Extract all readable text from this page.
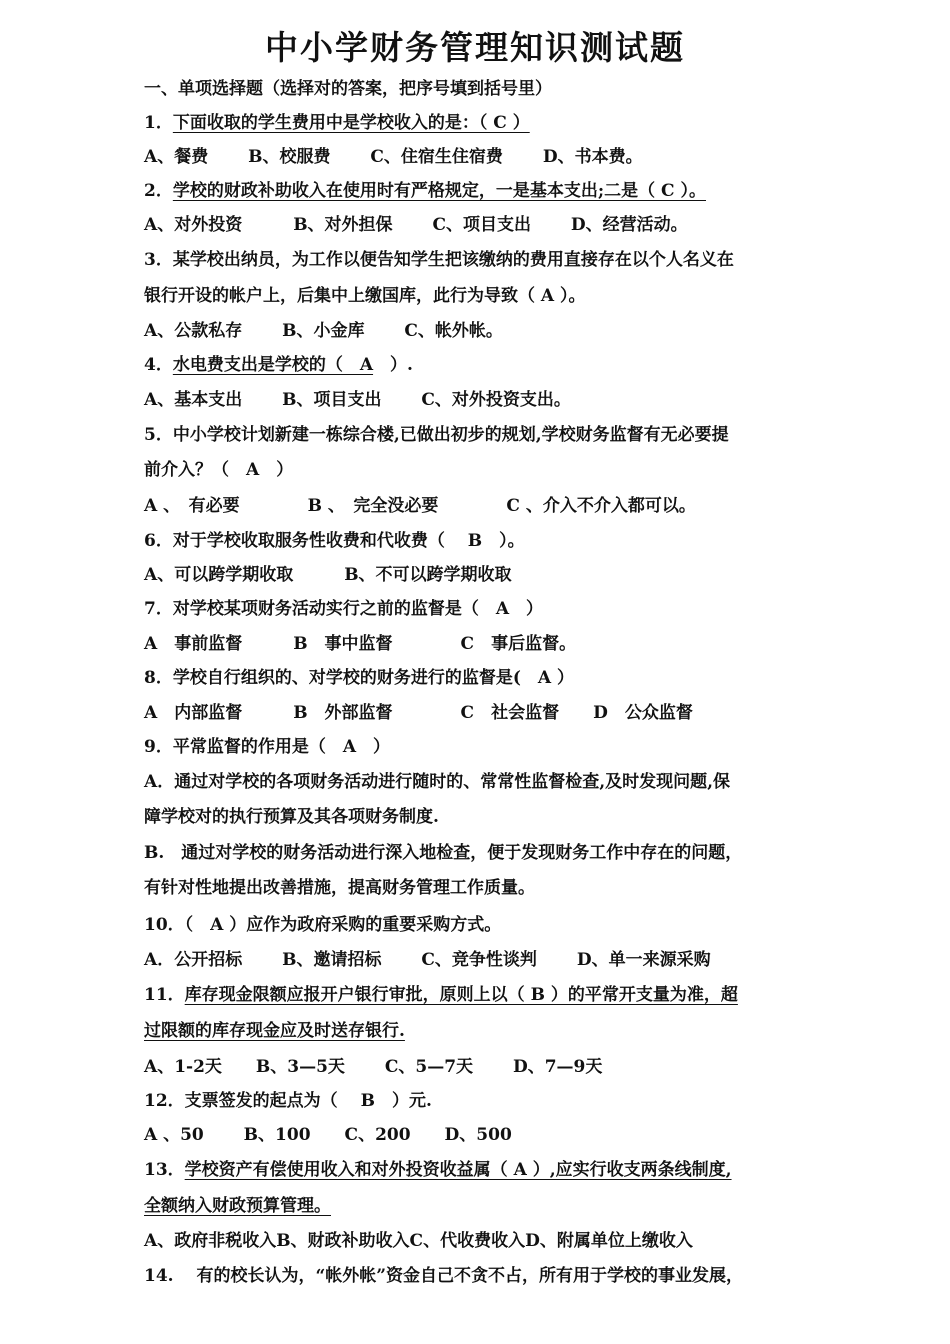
中小学财务管理知识测试题
一、单项选择题（选择对的答案，把序号填到括号里）
1．下面收取的学生费用中是学校收入的是：（ C ）
A、餐费　　 B、校服费　　 C、住宿生住宿费　　 D、书本费。
2．学校的财政补助收入在使用时有严格规定，一是基本支出;二是（ C ）。
A、对外投资　　　B、对外担保　　 C、项目支出　　 D、经营活动。
3．某学校出纳员，为工作以便告知学生把该缴纳的费用直接存在以个人名义在
银行开设的帐户上，后集中上缴国库，此行为导致（ A ）。
A、公款私存　　 B、小金库　　 C、帐外帐。
4．水电费支出是学校的（　A　）.
A、基本支出　　 B、项目支出　　 C、对外投资支出。
5．中小学校计划新建一栋综合楼,已做出初步的规划,学校财务监督有无必要提
前介入？（　A　）
A 、　有必要　　　　B 、　完全没必要　　　　C 、介入不介入都可以。
6．对于学校收取服务性收费和代收费（　 B　）。
A、可以跨学期收取　　　B、不可以跨学期收取
7．对学校某项财务活动实行之前的监督是（　A　）
A　事前监督　　　B　事中监督　　　　C　事后监督。
8．学校自行组织的、对学校的财务进行的监督是(　A ）
A　内部监督　　　B　外部监督　　　　C　社会监督　　D　公众监督
9．平常监督的作用是（　A　）
A．通过对学校的各项财务活动进行随时的、常常性监督检查,及时发现问题,保
障学校对的执行预算及其各项财务制度.
B.　通过对学校的财务活动进行深入地检查，便于发现财务工作中存在的问题，
有针对性地提出改善措施，提高财务管理工作质量。
10．（　A ）应作为政府采购的重要采购方式。
A．公开招标　　 B、邀请招标　　 C、竞争性谈判　　 D、单一来源采购
11．库存现金限额应报开户银行审批，原则上以（ B ）的平常开支量为准，超
过限额的库存现金应及时送存银行.
A、1-2天　　B、3—5天　　 C、5—7天　　 D、7—9天
12．支票签发的起点为（　 B　）元.
A 、50　　 B、100　　C、200　　D、500
13．学校资产有偿使用收入和对外投资收益属（ A ）,应实行收支两条线制度,
全额纳入财政预算管理。
A、政府非税收入B、财政补助收入C、代收费收入D、附属单位上缴收入
14.　 有的校长认为，“帐外帐”资金自己不贪不占，所有用于学校的事业发展，
